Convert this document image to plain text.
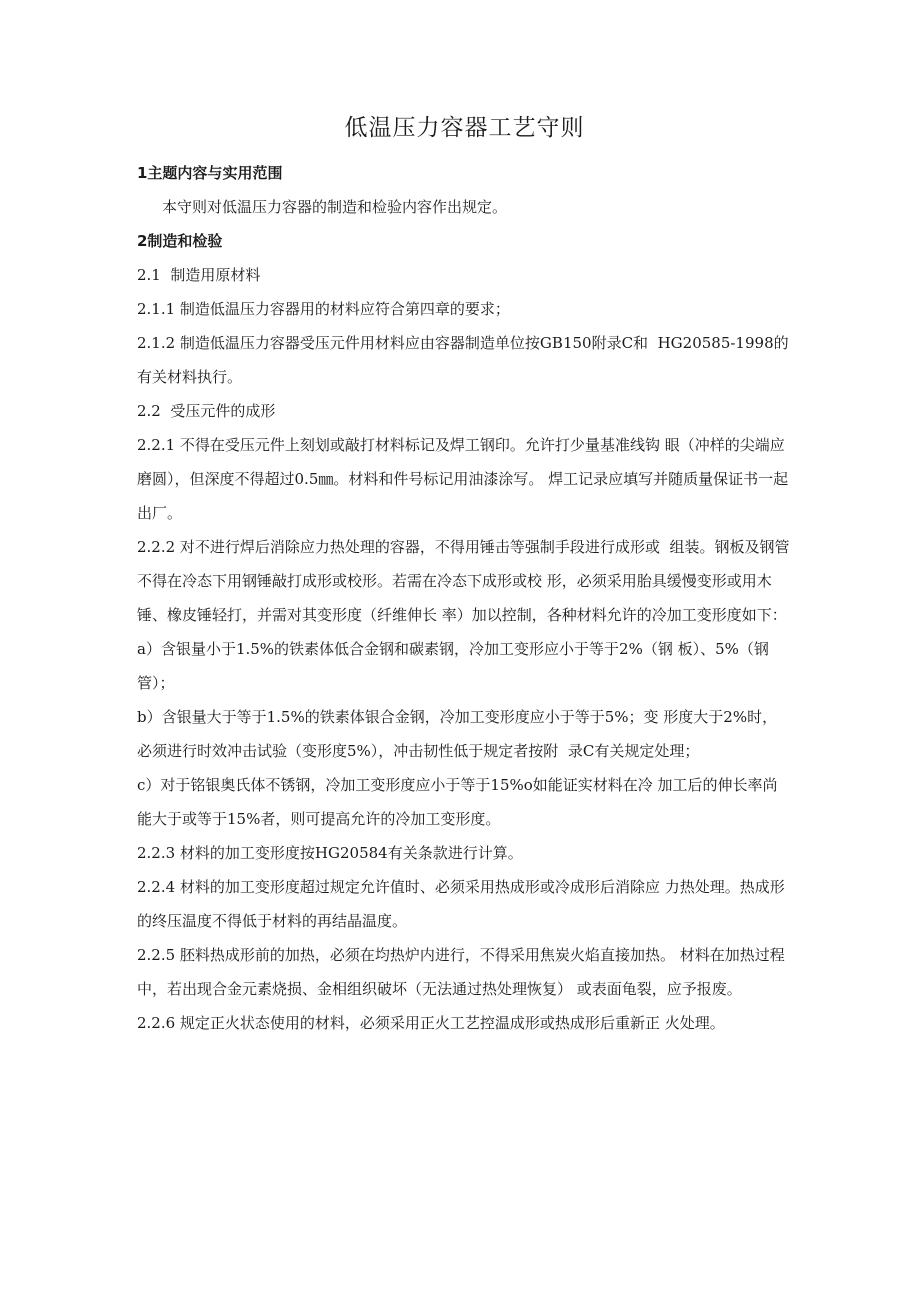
低温压力容器工艺守则
1主题内容与实用范围
本守则对低温压力容器的制造和检验内容作出规定。
2制造和检验
2.1  制造用原材料
2.1.1 制造低温压力容器用的材料应符合第四章的要求；
2.1.2 制造低温压力容器受压元件用材料应由容器制造单位按GB150附录C和  HG20585-1998的有关材料执行。
2.2  受压元件的成形
2.2.1 不得在受压元件上刻划或敲打材料标记及焊工钢印。允许打少量基准线钩 眼（冲样的尖端应磨圆），但深度不得超过0.5㎜。材料和件号标记用油漆涂写。 焊工记录应填写并随质量保证书一起出厂。
2.2.2 对不进行焊后消除应力热处理的容器，不得用锤击等强制手段进行成形或  组装。钢板及钢管不得在冷态下用钢锤敲打成形或校形。若需在冷态下成形或校 形，必须采用胎具缓慢变形或用木锤、橡皮锤轻打，并需对其变形度（纤维伸长 率）加以控制，各种材料允许的冷加工变形度如下：
a）含银量小于1.5%的铁素体低合金钢和碳素钢，冷加工变形应小于等于2%（钢 板）、5%（钢管）；
b）含银量大于等于1.5%的铁素体银合金钢，冷加工变形度应小于等于5%；变 形度大于2%时，必须进行时效冲击试验（变形度5%），冲击韧性低于规定者按附  录C有关规定处理；
c）对于铭银奥氏体不锈钢，冷加工变形度应小于等于15%o如能证实材料在冷 加工后的伸长率尚能大于或等于15%者，则可提高允许的冷加工变形度。
2.2.3 材料的加工变形度按HG20584有关条款进行计算。
2.2.4 材料的加工变形度超过规定允许值时、必须采用热成形或冷成形后消除应 力热处理。热成形的终压温度不得低于材料的再结晶温度。
2.2.5 胚料热成形前的加热，必须在均热炉内进行，不得采用焦炭火焰直接加热。 材料在加热过程中，若出现合金元素烧损、金相组织破坏（无法通过热处理恢复） 或表面龟裂，应予报废。
2.2.6 规定正火状态使用的材料，必须采用正火工艺控温成形或热成形后重新正 火处理。
